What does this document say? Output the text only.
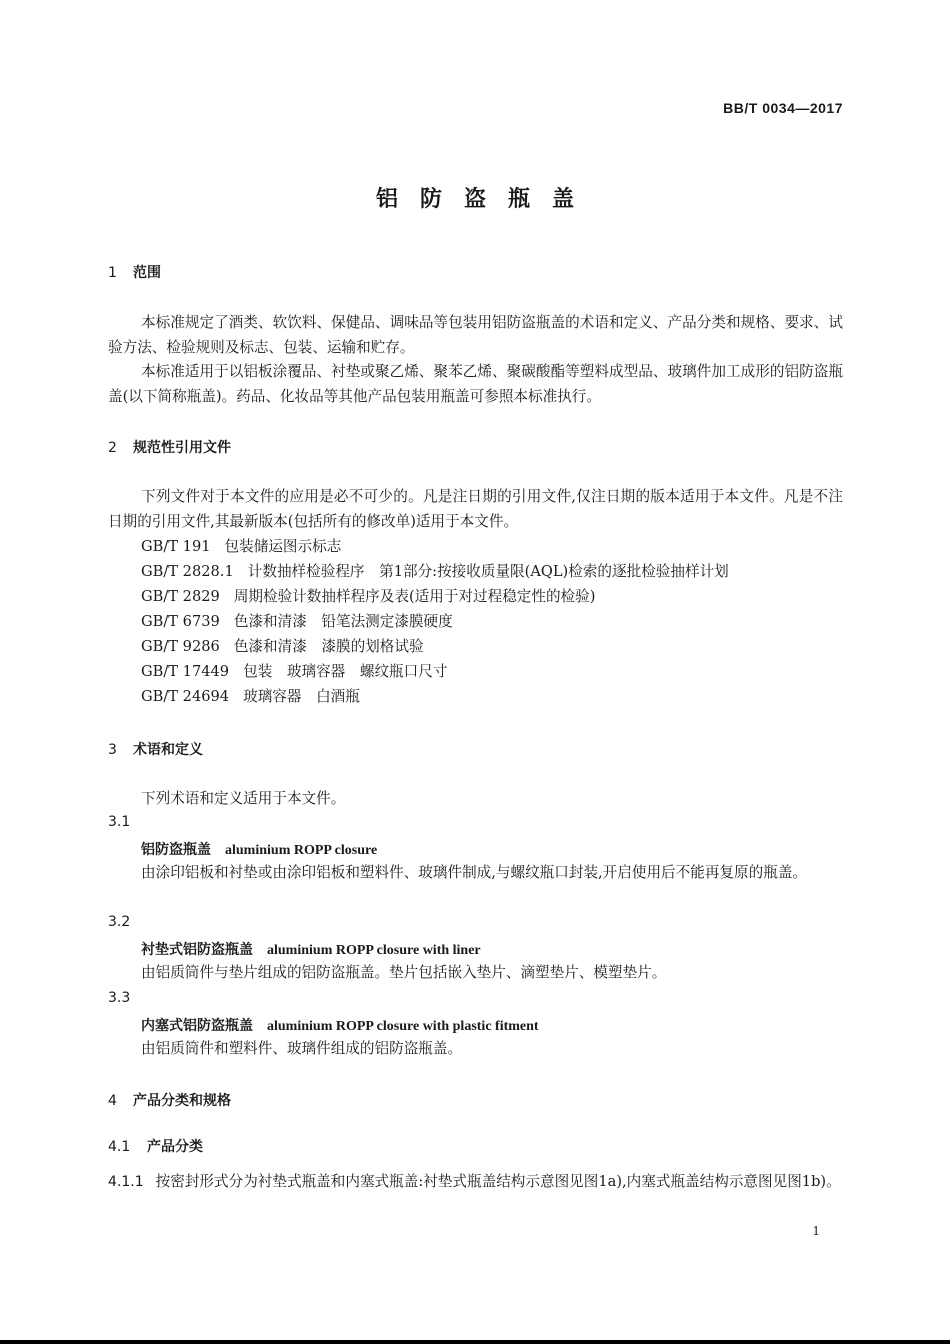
BB/T 0034—2017
铝防盗瓶盖
1 范围
本标准规定了酒类、软饮料、保健品、调味品等包装用铝防盗瓶盖的术语和定义、产品分类和规格、要求、试验方法、检验规则及标志、包装、运输和贮存。
本标准适用于以铝板涂覆品、衬垫或聚乙烯、聚苯乙烯、聚碳酸酯等塑料成型品、玻璃件加工成形的铝防盗瓶盖(以下简称瓶盖)。药品、化妆品等其他产品包装用瓶盖可参照本标准执行。
2 规范性引用文件
下列文件对于本文件的应用是必不可少的。凡是注日期的引用文件,仅注日期的版本适用于本文件。凡是不注日期的引用文件,其最新版本(包括所有的修改单)适用于本文件。
GB/T 191 包装储运图示标志
GB/T 2828.1 计数抽样检验程序　第1部分:按接收质量限(AQL)检索的逐批检验抽样计划
GB/T 2829 周期检验计数抽样程序及表(适用于对过程稳定性的检验)
GB/T 6739 色漆和清漆　铅笔法测定漆膜硬度
GB/T 9286 色漆和清漆　漆膜的划格试验
GB/T 17449 包装　玻璃容器　螺纹瓶口尺寸
GB/T 24694 玻璃容器　白酒瓶
3 术语和定义
下列术语和定义适用于本文件。
3.1
铝防盗瓶盖 aluminium ROPP closure
由涂印铝板和衬垫或由涂印铝板和塑料件、玻璃件制成,与螺纹瓶口封装,开启使用后不能再复原的瓶盖。
3.2
衬垫式铝防盗瓶盖 aluminium ROPP closure with liner
由铝质筒件与垫片组成的铝防盗瓶盖。垫片包括嵌入垫片、滴塑垫片、模塑垫片。
3.3
内塞式铝防盗瓶盖 aluminium ROPP closure with plastic fitment
由铝质筒件和塑料件、玻璃件组成的铝防盗瓶盖。
4 产品分类和规格
4.1 产品分类
4.1.1 按密封形式分为衬垫式瓶盖和内塞式瓶盖:衬垫式瓶盖结构示意图见图1a),内塞式瓶盖结构示意图见图1b)。
1
